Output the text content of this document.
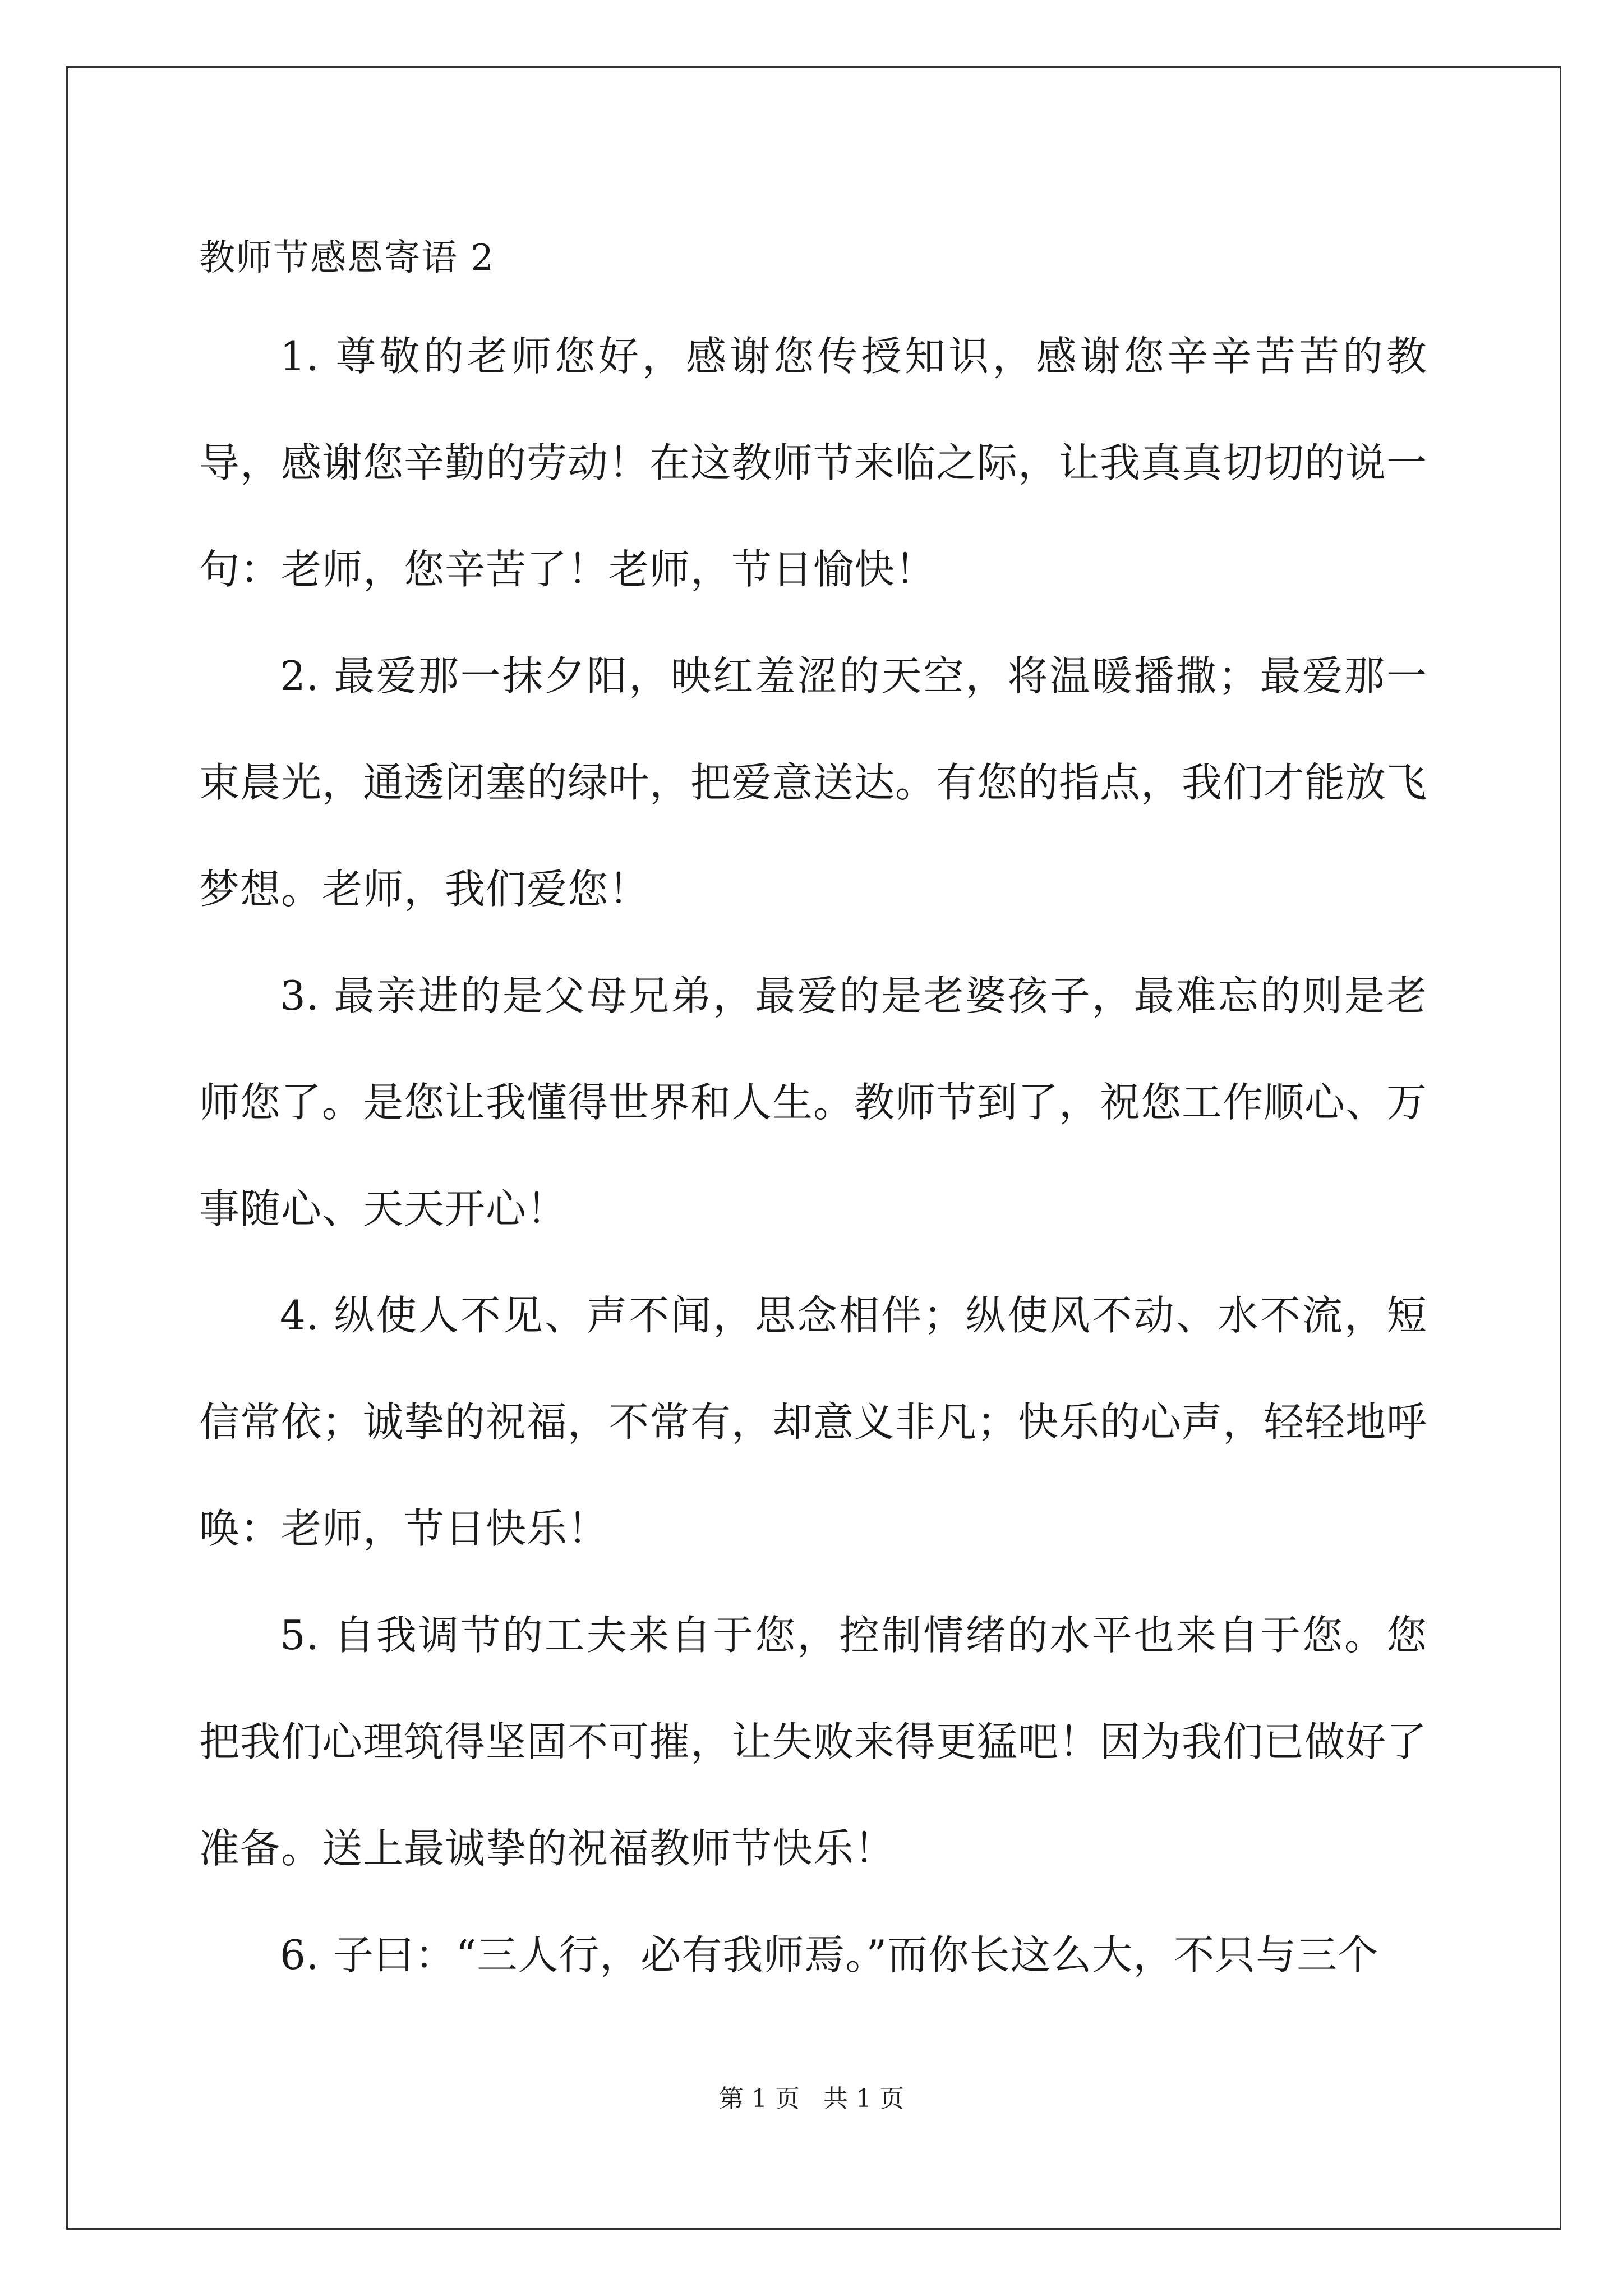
教师节感恩寄语 2

1. 尊敬的老师您好，感谢您传授知识，感谢您辛辛苦苦的教导，感谢您辛勤的劳动！在这教师节来临之际，让我真真切切的说一句：老师，您辛苦了！老师，节日愉快！

2. 最爱那一抹夕阳，映红羞涩的天空，将温暖播撒；最爱那一束晨光，通透闭塞的绿叶，把爱意送达。有您的指点，我们才能放飞梦想。老师，我们爱您！

3. 最亲进的是父母兄弟，最爱的是老婆孩子，最难忘的则是老师您了。是您让我懂得世界和人生。教师节到了，祝您工作顺心、万事随心、天天开心！

4. 纵使人不见、声不闻，思念相伴；纵使风不动、水不流，短信常依；诚挚的祝福，不常有，却意义非凡；快乐的心声，轻轻地呼唤：老师，节日快乐！

5. 自我调节的工夫来自于您，控制情绪的水平也来自于您。您把我们心理筑得坚固不可摧，让失败来得更猛吧！因为我们已做好了准备。送上最诚挚的祝福教师节快乐！

6. 子曰：“三人行，必有我师焉。”而你长这么大，不只与三个

第 1 页   共 1 页
